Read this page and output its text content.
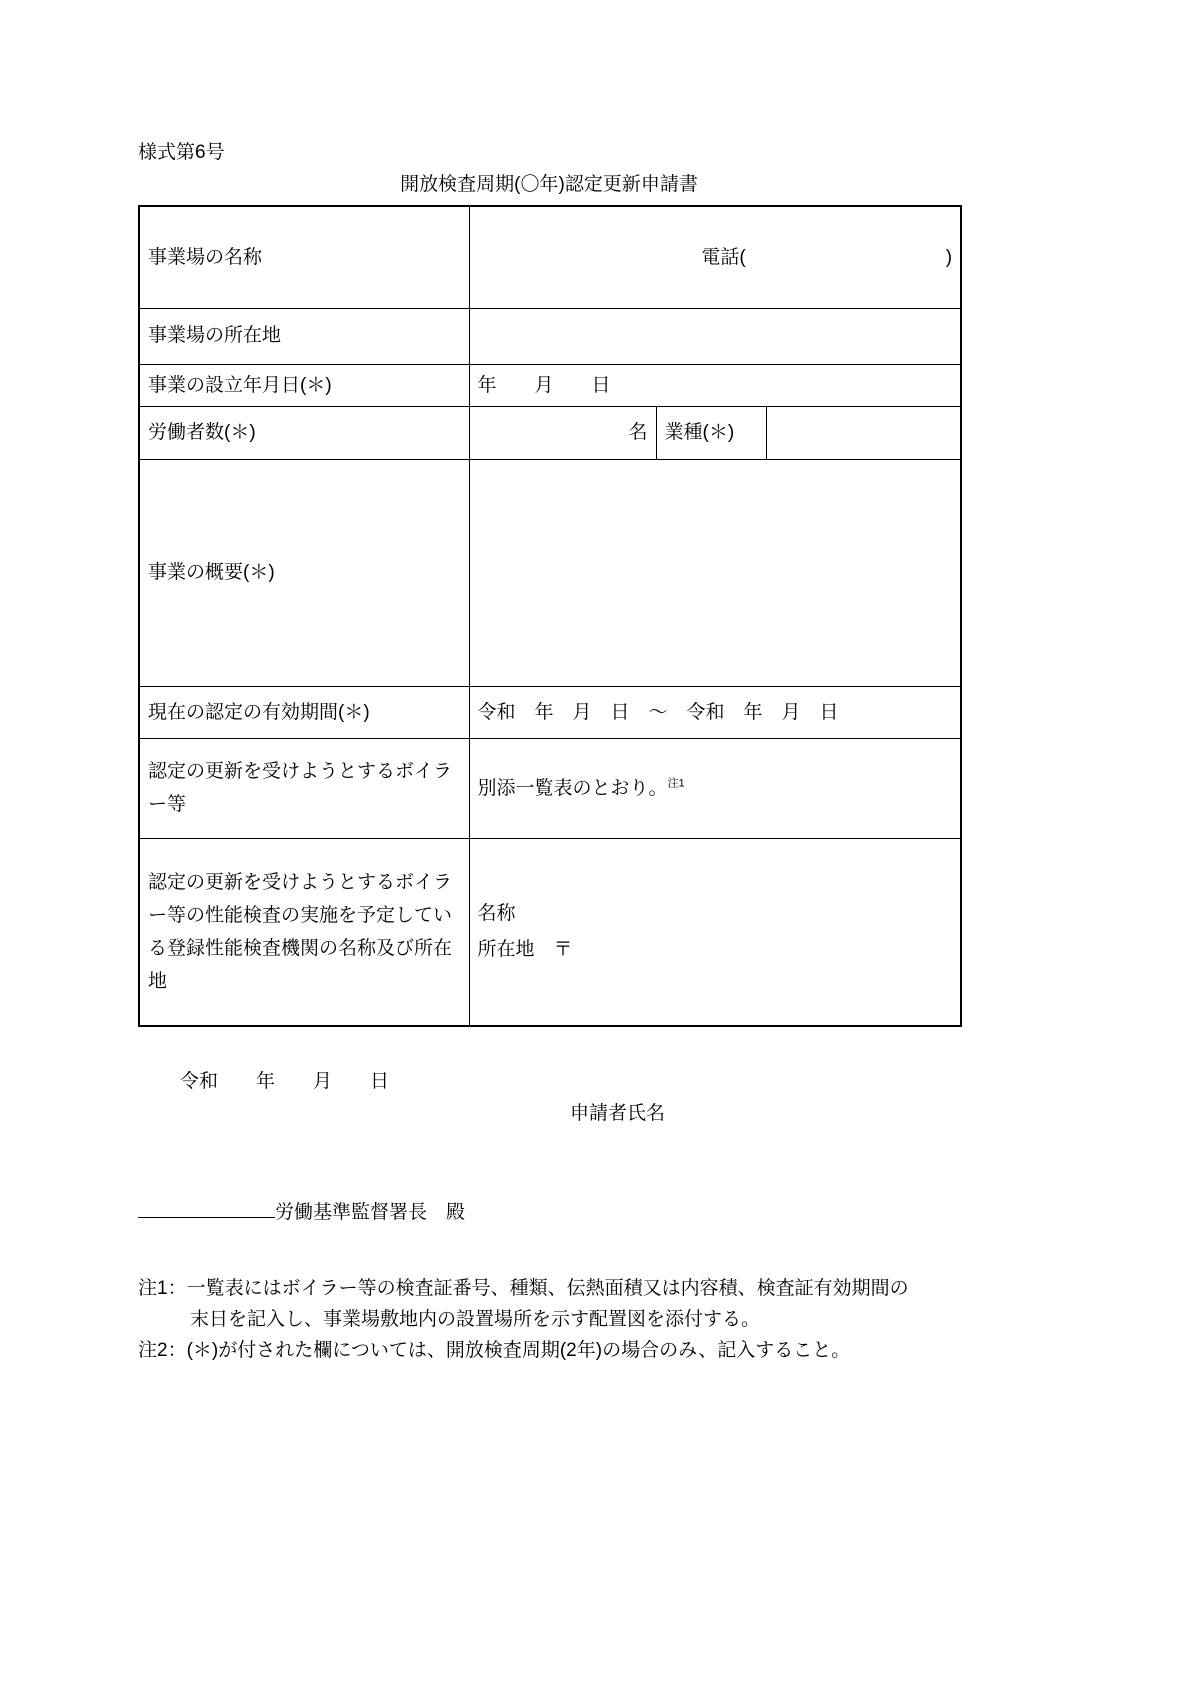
様式第6号
開放検査周期(〇年)認定更新申請書
事業場の名称	電話( )		
事業場の所在地			
事業の設立年月日(＊)	年　　月　　日		
労働者数(＊)	名	業種(＊)	
事業の概要(＊)			
現在の認定の有効期間(＊)	令和　年　月　日　〜　令和　年　月　日		
認定の更新を受けようとするボイラー等	別添一覧表のとおり。$^{注1}$
認定の更新を受けようとするボイラー等の性能検査の実施を予定している登録性能検査機関の名称及び所在地	名称
所在地　〒		
令和　　年　　月　　日
申請者氏名
労働基準監督署長　殿
注1：一覧表にはボイラー等の検査証番号、種類、伝熱面積又は内容積、検査証有効期間の
末日を記入し、事業場敷地内の設置場所を示す配置図を添付する。
注2：(＊)が付された欄については、開放検査周期(2年)の場合のみ、記入すること。
